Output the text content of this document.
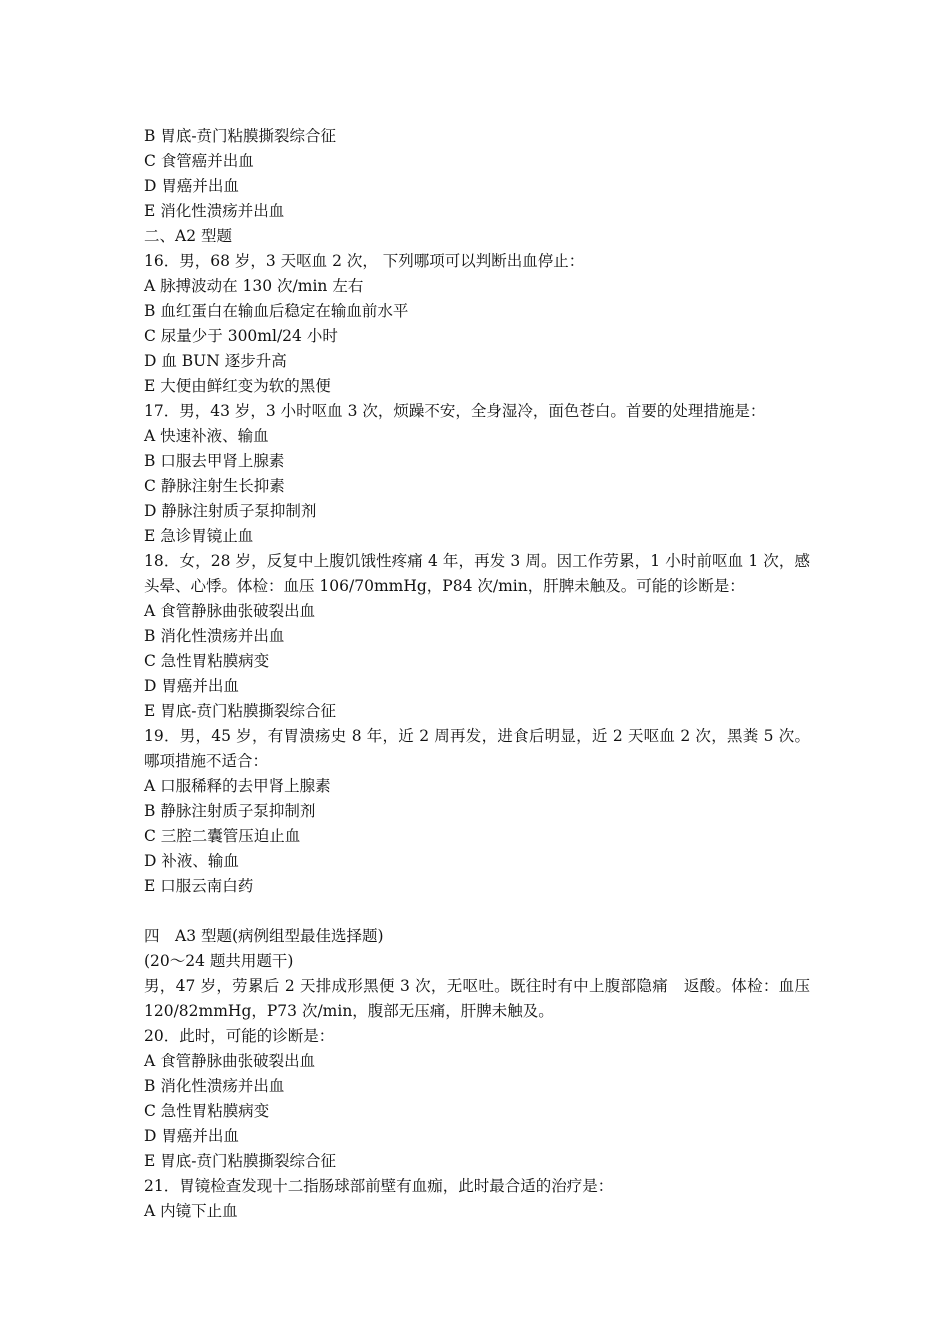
B 胃底-贲门粘膜撕裂综合征
C 食管癌并出血
D 胃癌并出血
E 消化性溃疡并出血
二、A2 型题
16．男，68 岁，3 天呕血 2 次， 下列哪项可以判断出血停止：
A 脉搏波动在 130 次/min 左右
B 血红蛋白在输血后稳定在输血前水平
C 尿量少于 300ml/24 小时
D 血 BUN 逐步升高
E 大便由鲜红变为软的黑便
17．男，43 岁，3 小时呕血 3 次，烦躁不安，全身湿冷，面色苍白。首要的处理措施是：
A 快速补液、输血
B 口服去甲肾上腺素
C 静脉注射生长抑素
D 静脉注射质子泵抑制剂
E 急诊胃镜止血
18．女，28 岁，反复中上腹饥饿性疼痛 4 年，再发 3 周。因工作劳累，1 小时前呕血 1 次，感头晕、心悸。体检：血压 106/70mmHg，P84 次/min，肝脾未触及。可能的诊断是：
A 食管静脉曲张破裂出血
B 消化性溃疡并出血
C 急性胃粘膜病变
D 胃癌并出血
E 胃底-贲门粘膜撕裂综合征
19．男，45 岁，有胃溃疡史 8 年，近 2 周再发，进食后明显，近 2 天呕血 2 次，黑粪 5 次。哪项措施不适合：
A 口服稀释的去甲肾上腺素
B 静脉注射质子泵抑制剂
C 三腔二囊管压迫止血
D 补液、输血
E 口服云南白药
四　A3 型题(病例组型最佳选择题)
(20～24 题共用题干)
男，47 岁，劳累后 2 天排成形黑便 3 次，无呕吐。既往时有中上腹部隐痛　返酸。体检：血压 120/82mmHg，P73 次/min，腹部无压痛，肝脾未触及。
20．此时，可能的诊断是：
A 食管静脉曲张破裂出血
B 消化性溃疡并出血
C 急性胃粘膜病变
D 胃癌并出血
E 胃底-贲门粘膜撕裂综合征
21．胃镜检查发现十二指肠球部前壁有血痂，此时最合适的治疗是：
A 内镜下止血
